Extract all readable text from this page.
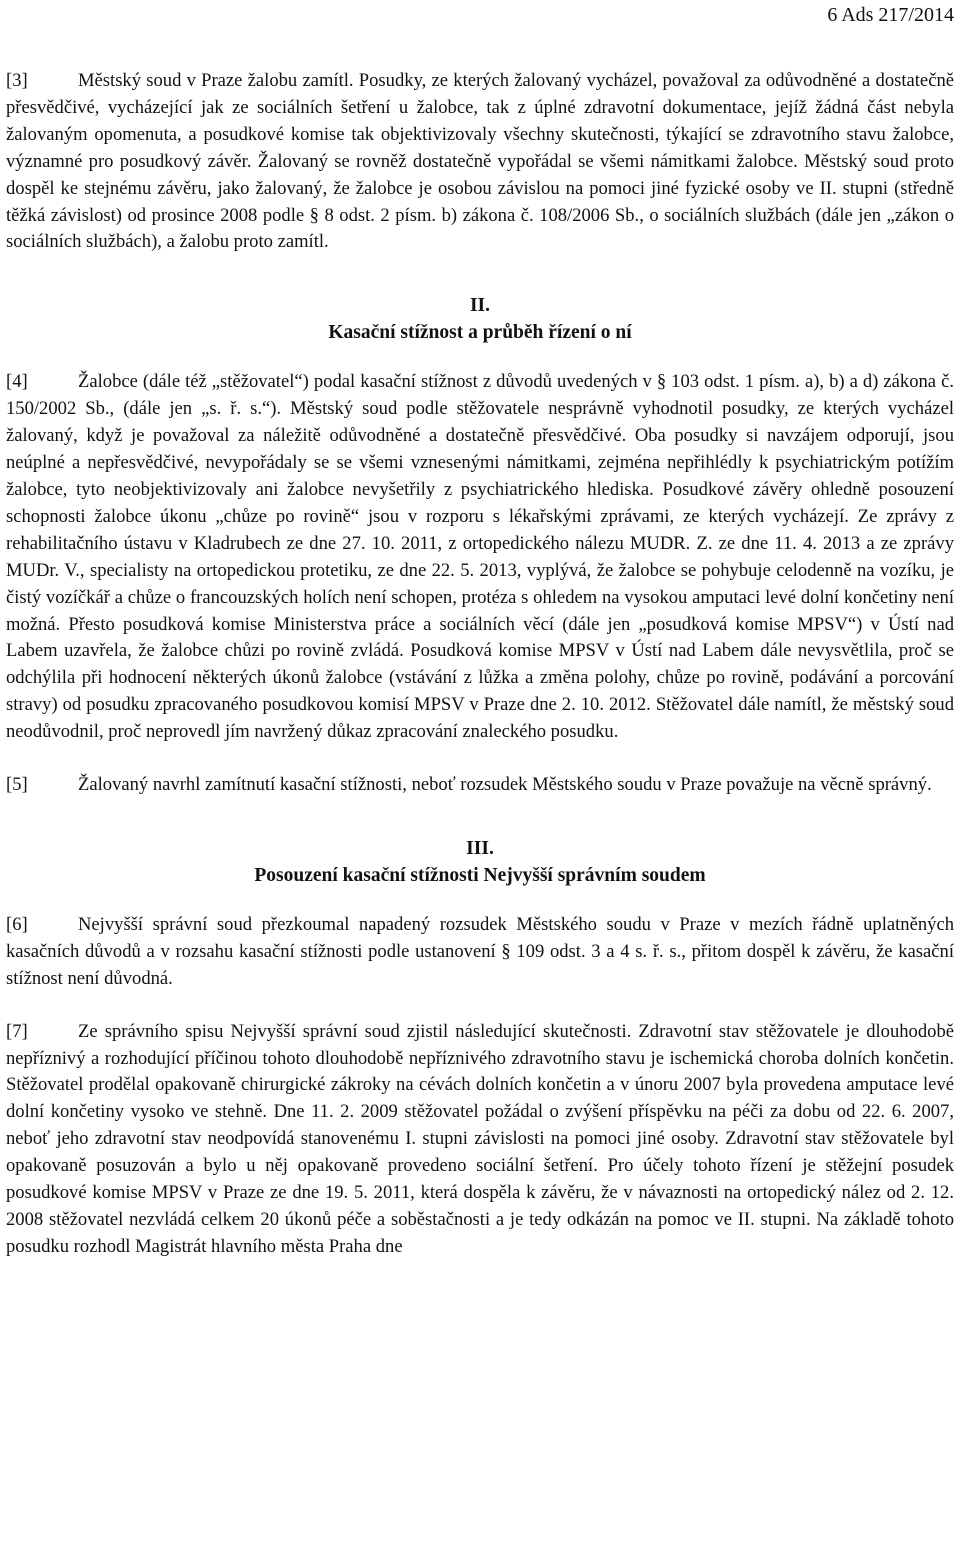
6 Ads 217/2014

[3]	Městský soud v Praze žalobu zamítl. Posudky, ze kterých žalovaný vycházel, považoval za odůvodněné a dostatečně přesvědčivé, vycházející jak ze sociálních šetření u žalobce, tak z úplné zdravotní dokumentace, jejíž žádná část nebyla žalovaným opomenuta, a posudkové komise tak objektivizovaly všechny skutečnosti, týkající se zdravotního stavu žalobce, významné pro posudkový závěr. Žalovaný se rovněž dostatečně vypořádal se všemi námitkami žalobce. Městský soud proto dospěl ke stejnému závěru, jako žalovaný, že žalobce je osobou závislou na pomoci jiné fyzické osoby ve II. stupni (středně těžká závislost) od prosince 2008 podle § 8 odst. 2 písm. b) zákona č. 108/2006 Sb., o sociálních službách (dále jen „zákon o sociálních službách), a žalobu proto zamítl.

II.

Kasační stížnost a průběh řízení o ní

[4]	Žalobce (dále též „stěžovatel“) podal kasační stížnost z důvodů uvedených v § 103 odst. 1 písm. a), b) a d) zákona č. 150/2002 Sb., (dále jen „s. ř. s.“). Městský soud podle stěžovatele nesprávně vyhodnotil posudky, ze kterých vycházel žalovaný, když je považoval za náležitě odůvodněné a dostatečně přesvědčivé. Oba posudky si navzájem odporují, jsou neúplné a nepřesvědčivé, nevypořádaly se se všemi vznesenými námitkami, zejména nepřihlédly k psychiatrickým potížím žalobce, tyto neobjektivizovaly ani žalobce nevyšetřily z psychiatrického hlediska. Posudkové závěry ohledně posouzení schopnosti žalobce úkonu „chůze po rovině“ jsou v rozporu s lékařskými zprávami, ze kterých vycházejí. Ze zprávy z rehabilitačního ústavu v Kladrubech ze dne 27. 10. 2011, z ortopedického nálezu MUDR. Z. ze dne 11. 4. 2013 a ze zprávy MUDr. V., specialisty na ortopedickou protetiku, ze dne 22. 5. 2013, vyplývá, že žalobce se pohybuje celodenně na vozíku, je čistý vozíčkář a chůze o francouzských holích není schopen, protéza s ohledem na vysokou amputaci levé dolní končetiny není možná. Přesto posudková komise Ministerstva práce a sociálních věcí (dále jen „posudková komise MPSV“) v Ústí nad Labem uzavřela, že žalobce chůzi po rovině zvládá. Posudková komise MPSV v Ústí nad Labem dále nevysvětlila, proč se odchýlila při hodnocení některých úkonů žalobce (vstávání z lůžka a změna polohy, chůze po rovině, podávání a porcování stravy) od posudku zpracovaného posudkovou komisí MPSV v Praze dne 2. 10. 2012. Stěžovatel dále namítl, že městský soud neodůvodnil, proč neprovedl jím navržený důkaz zpracování znaleckého posudku.

[5]	Žalovaný navrhl zamítnutí kasační stížnosti, neboť rozsudek Městského soudu v Praze považuje na věcně správný.

III.

Posouzení kasační stížnosti Nejvyšší správním soudem

[6]	Nejvyšší správní soud přezkoumal napadený rozsudek Městského soudu v Praze v mezích řádně uplatněných kasačních důvodů a v rozsahu kasační stížnosti podle ustanovení § 109 odst. 3 a 4 s. ř. s., přitom dospěl k závěru, že kasační stížnost není důvodná.

[7]	Ze správního spisu Nejvyšší správní soud zjistil následující skutečnosti. Zdravotní stav stěžovatele je dlouhodobě nepříznivý a rozhodující příčinou tohoto dlouhodobě nepříznivého zdravotního stavu je ischemická choroba dolních končetin. Stěžovatel prodělal opakovaně chirurgické zákroky na cévách dolních končetin a v únoru 2007 byla provedena amputace levé dolní končetiny vysoko ve stehně. Dne 11. 2. 2009 stěžovatel požádal o zvýšení příspěvku na péči za dobu od 22. 6. 2007, neboť jeho zdravotní stav neodpovídá stanovenému I. stupni závislosti na pomoci jiné osoby. Zdravotní stav stěžovatele byl opakovaně posuzován a bylo u něj opakovaně provedeno sociální šetření. Pro účely tohoto řízení je stěžejní posudek posudkové komise MPSV v Praze ze dne 19. 5. 2011, která dospěla k závěru, že v návaznosti na ortopedický nález od 2. 12. 2008 stěžovatel nezvládá celkem 20 úkonů péče a soběstačnosti a je tedy odkázán na pomoc ve II. stupni. Na základě tohoto posudku rozhodl Magistrát hlavního města Praha dne
